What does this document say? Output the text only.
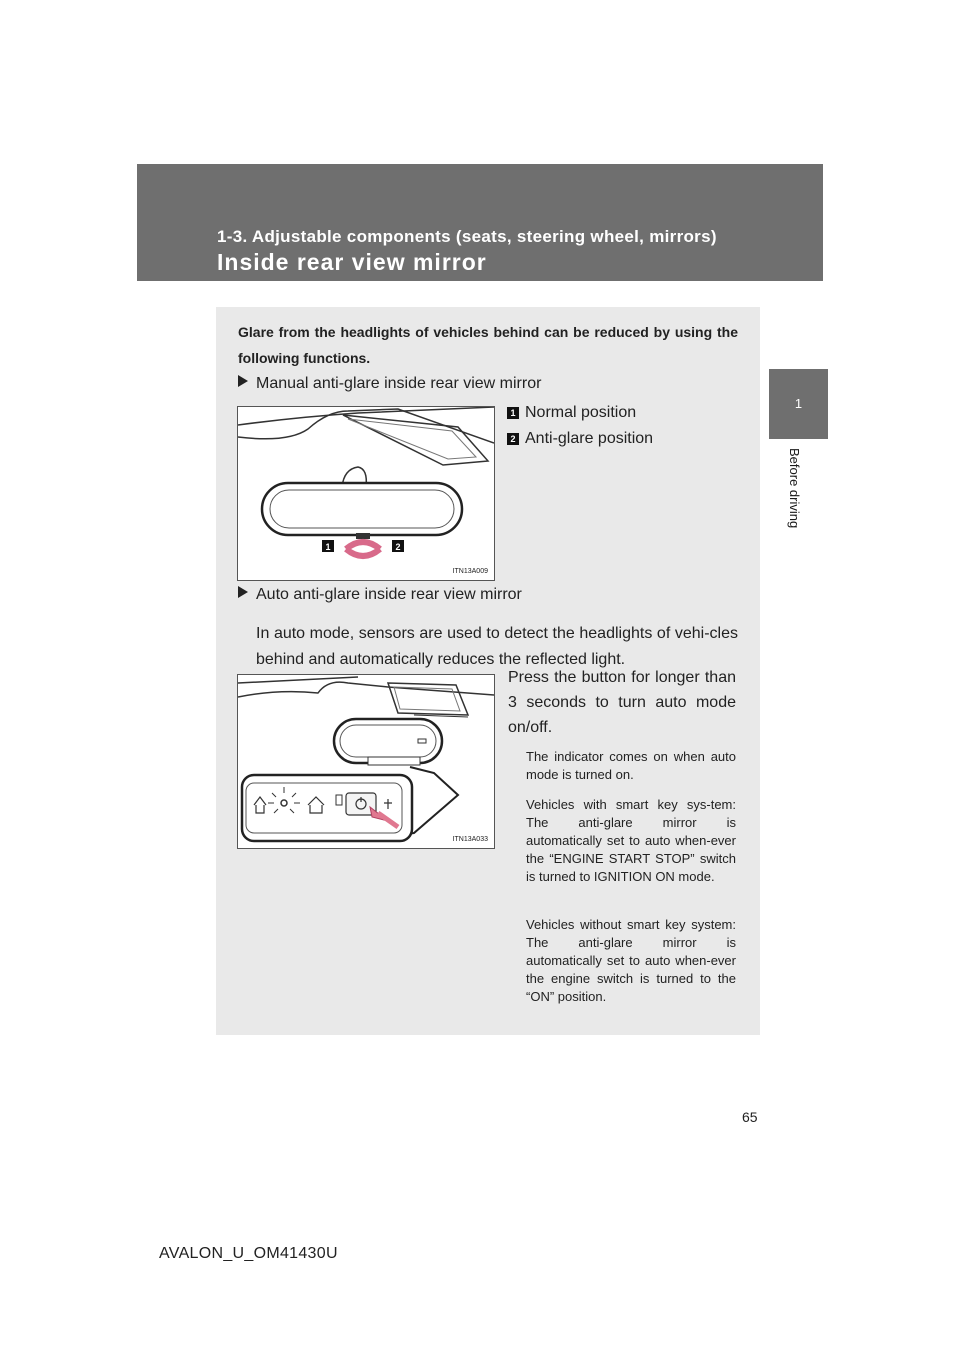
1-3. Adjustable components (seats, steering wheel, mirrors)
Inside rear view mirror
1
Before driving
Glare from the headlights of vehicles behind can be reduced by using the following functions.
Manual anti-glare inside rear view mirror
1 Normal position
2 Anti-glare position
1	2
ITN13A009
Auto anti-glare inside rear view mirror
In auto mode, sensors are used to detect the headlights of vehi-cles behind and automatically reduces the reflected light.
ITN13A033
Press the button for longer than 3 seconds to turn auto mode on/off.
The indicator comes on when auto mode is turned on.
Vehicles with smart key sys-tem: The anti-glare mirror is automatically set to auto when-ever the “ENGINE START STOP” switch is turned to IGNITION ON mode.
Vehicles without smart key system: The anti-glare mirror is automatically set to auto when-ever the engine switch is turned to the “ON” position.
65
AVALON_U_OM41430U
